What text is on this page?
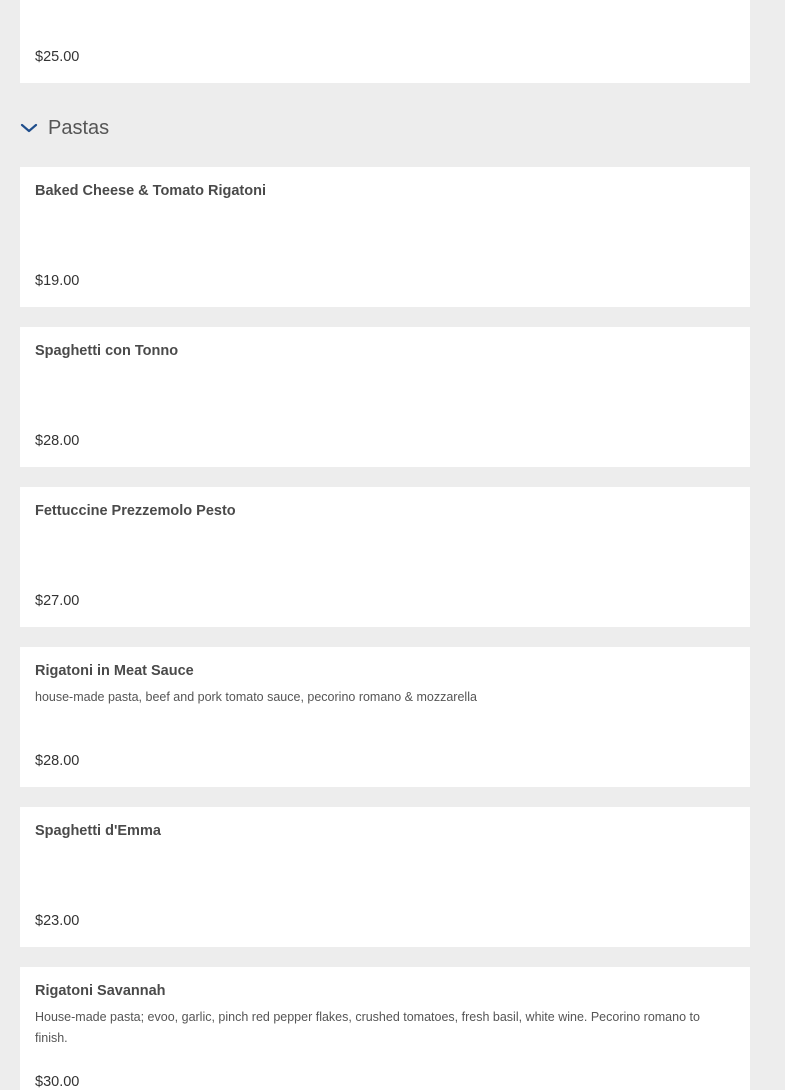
$25.00
Pastas
Baked Cheese & Tomato Rigatoni
$19.00
Spaghetti con Tonno
$28.00
Fettuccine Prezzemolo Pesto
$27.00
Rigatoni in Meat Sauce
house-made pasta, beef and pork tomato sauce, pecorino romano & mozzarella
$28.00
Spaghetti d'Emma
$23.00
Rigatoni Savannah
House-made pasta; evoo, garlic, pinch red pepper flakes, crushed tomatoes, fresh basil, white wine. Pecorino romano to finish.
$30.00
